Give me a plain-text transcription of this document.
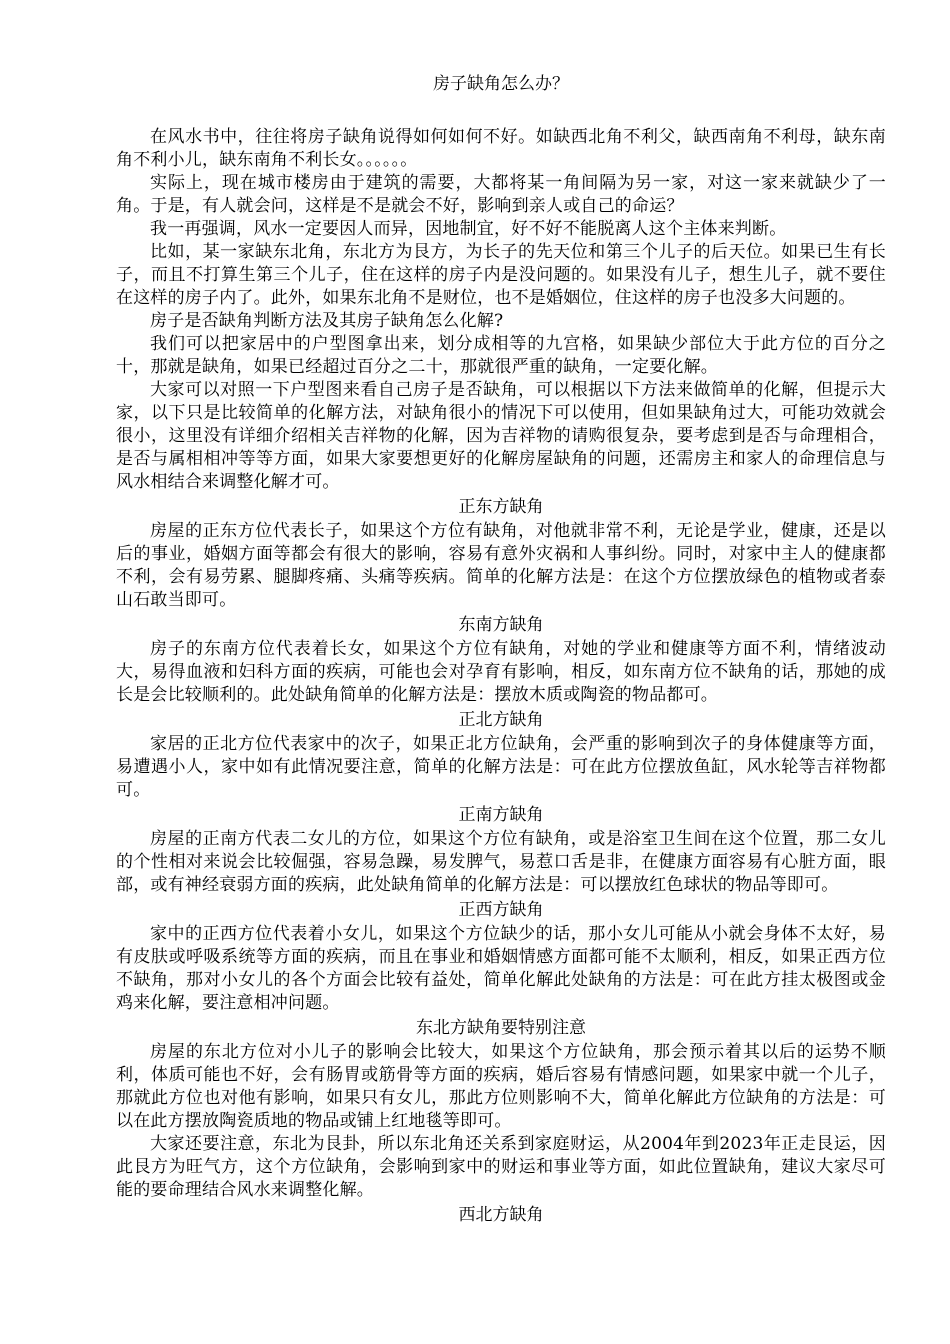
房子缺角怎么办？

在风水书中，往往将房子缺角说得如何如何不好。如缺西北角不利父，缺西南角不利母，缺东南角不利小儿，缺东南角不利长女。。。。。。

实际上，现在城市楼房由于建筑的需要，大都将某一角间隔为另一家，对这一家来就缺少了一角。于是，有人就会问，这样是不是就会不好，影响到亲人或自己的命运？

我一再强调，风水一定要因人而异，因地制宜，好不好不能脱离人这个主体来判断。

比如，某一家缺东北角，东北方为艮方，为长子的先天位和第三个儿子的后天位。如果已生有长子，而且不打算生第三个儿子，住在这样的房子内是没问题的。如果没有儿子，想生儿子，就不要住在这样的房子内了。此外，如果东北角不是财位，也不是婚姻位，住这样的房子也没多大问题的。

房子是否缺角判断方法及其房子缺角怎么化解?

我们可以把家居中的户型图拿出来，划分成相等的九宫格，如果缺少部位大于此方位的百分之十，那就是缺角，如果已经超过百分之二十，那就很严重的缺角，一定要化解。

大家可以对照一下户型图来看自己房子是否缺角，可以根据以下方法来做简单的化解，但提示大家，以下只是比较简单的化解方法，对缺角很小的情况下可以使用，但如果缺角过大，可能功效就会很小，这里没有详细介绍相关吉祥物的化解，因为吉祥物的请购很复杂，要考虑到是否与命理相合，是否与属相相冲等等方面，如果大家要想更好的化解房屋缺角的问题，还需房主和家人的命理信息与风水相结合来调整化解才可。

正东方缺角

房屋的正东方位代表长子，如果这个方位有缺角，对他就非常不利，无论是学业，健康，还是以后的事业，婚姻方面等都会有很大的影响，容易有意外灾祸和人事纠纷。同时，对家中主人的健康都不利，会有易劳累、腿脚疼痛、头痛等疾病。简单的化解方法是：在这个方位摆放绿色的植物或者泰山石敢当即可。

东南方缺角

房子的东南方位代表着长女，如果这个方位有缺角，对她的学业和健康等方面不利，情绪波动大，易得血液和妇科方面的疾病，可能也会对孕育有影响，相反，如东南方位不缺角的话，那她的成长是会比较顺利的。此处缺角简单的化解方法是：摆放木质或陶瓷的物品都可。

正北方缺角

家居的正北方位代表家中的次子，如果正北方位缺角，会严重的影响到次子的身体健康等方面，易遭遇小人，家中如有此情况要注意，简单的化解方法是：可在此方位摆放鱼缸，风水轮等吉祥物都可。

正南方缺角

房屋的正南方代表二女儿的方位，如果这个方位有缺角，或是浴室卫生间在这个位置，那二女儿的个性相对来说会比较倔强，容易急躁，易发脾气，易惹口舌是非，在健康方面容易有心脏方面，眼部，或有神经衰弱方面的疾病，此处缺角简单的化解方法是：可以摆放红色球状的物品等即可。

正西方缺角

家中的正西方位代表着小女儿，如果这个方位缺少的话，那小女儿可能从小就会身体不太好，易有皮肤或呼吸系统等方面的疾病，而且在事业和婚姻情感方面都可能不太顺利，相反，如果正西方位不缺角，那对小女儿的各个方面会比较有益处，简单化解此处缺角的方法是：可在此方挂太极图或金鸡来化解，要注意相冲问题。

东北方缺角要特别注意

房屋的东北方位对小儿子的影响会比较大，如果这个方位缺角，那会预示着其以后的运势不顺利，体质可能也不好，会有肠胃或筋骨等方面的疾病，婚后容易有情感问题，如果家中就一个儿子，那就此方位也对他有影响，如果只有女儿，那此方位则影响不大，简单化解此方位缺角的方法是：可以在此方摆放陶瓷质地的物品或铺上红地毯等即可。

大家还要注意，东北为艮卦，所以东北角还关系到家庭财运，从2004年到2023年正走艮运，因此艮方为旺气方，这个方位缺角，会影响到家中的财运和事业等方面，如此位置缺角，建议大家尽可能的要命理结合风水来调整化解。

西北方缺角
